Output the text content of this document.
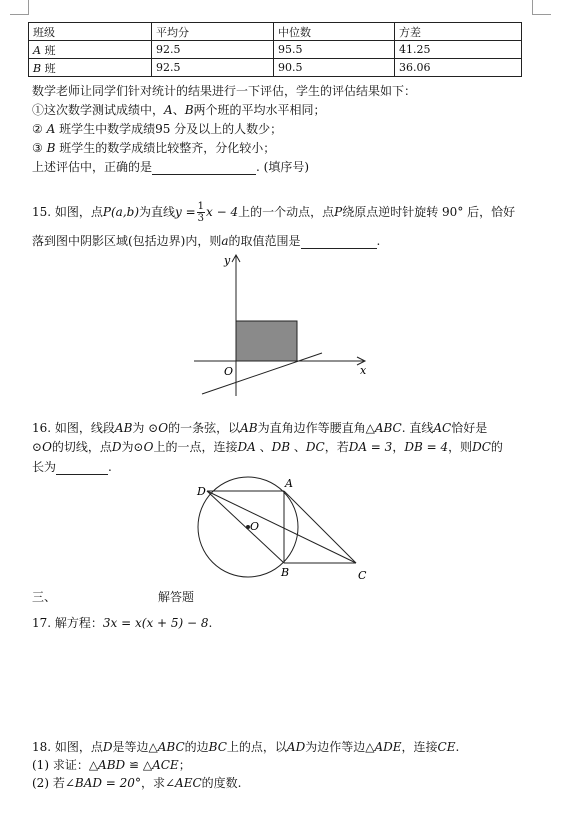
班级	平均分	中位数	方差
A 班	92.5	95.5	41.25
B 班	92.5	90.5	36.06
数学老师让同学们针对统计的结果进行一下评估，学生的评估结果如下：
①这次数学测试成绩中，A、B两个班的平均水平相同；
② A 班学生中数学成绩95 分及以上的人数少；
③ B 班学生的数学成绩比较整齐，分化较小；
上述评估中，正确的是	. (填序号)
15. 如图，点P(a,b)为直线$y = \frac{1}{3}$ x − 4上的一个动点，点P绕原点逆时针旋转 90° 后，恰好
落到图中阴影区域(包括边界)内，则a的取值范围是	.
y
x
O
16. 如图，线段AB为 ⊙O的一条弦，以AB为直角边作等腰直角△ABC. 直线AC恰好是
⊙O的切线，点D为⊙O上的一点，连接DA 、DB 、DC，若DA = 3，DB = 4，则DC的
长为	.
D
A
O
B	C
三、	解答题
17. 解方程：3x = x(x + 5) − 8.
18. 如图，点D是等边△ABC的边BC上的点，以AD为边作等边△ADE，连接CE.
(1) 求证：△ABD ≌ △ACE；
(2) 若∠BAD = 20°，求∠AEC的度数.
